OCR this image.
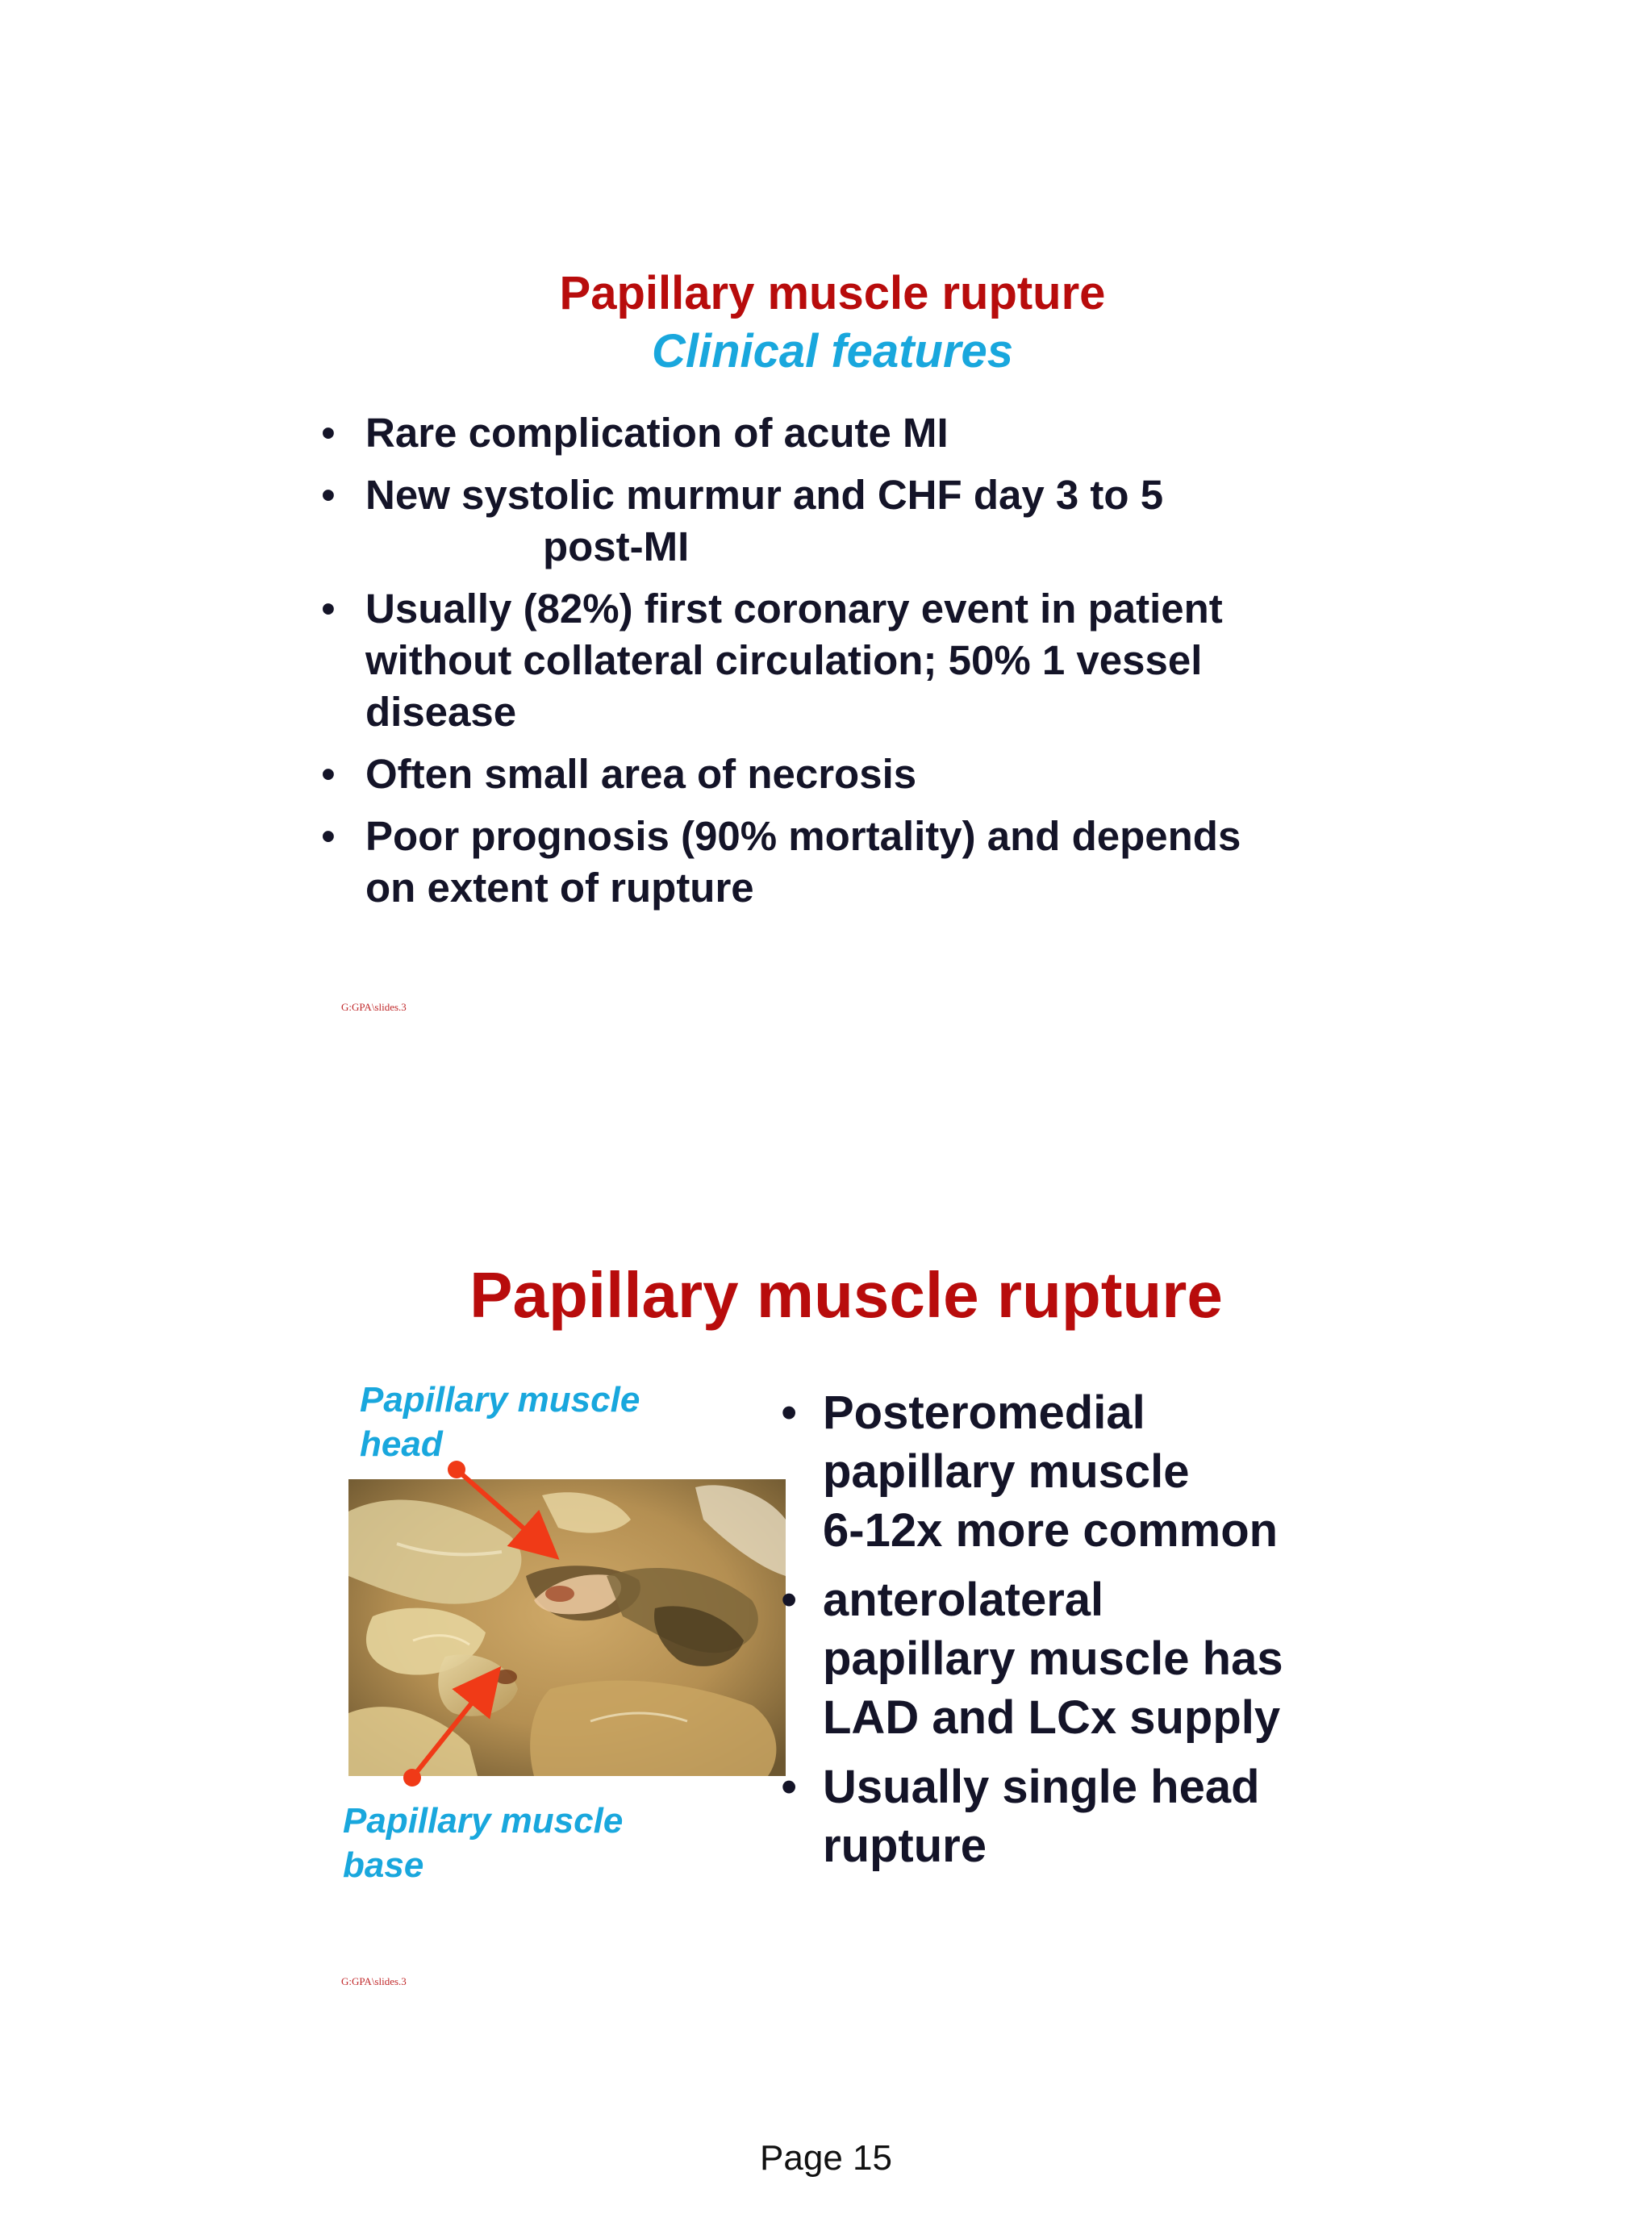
Papillary muscle rupture
Clinical features
• Rare complication of acute MI
• New systolic murmur and CHF day 3 to 5
post-MI
• Usually (82%) first coronary event in patient
without collateral circulation; 50% 1 vessel
disease
• Often small area of necrosis
• Poor prognosis (90% mortality) and depends
on extent of rupture
G:GPA\slides.3
Papillary muscle rupture
Papillary muscle
head
Papillary muscle
base
• Posteromedial
papillary muscle
6-12x more common
• anterolateral
papillary muscle has
LAD and LCx supply
• Usually single head
rupture
G:GPA\slides.3
Page 15
